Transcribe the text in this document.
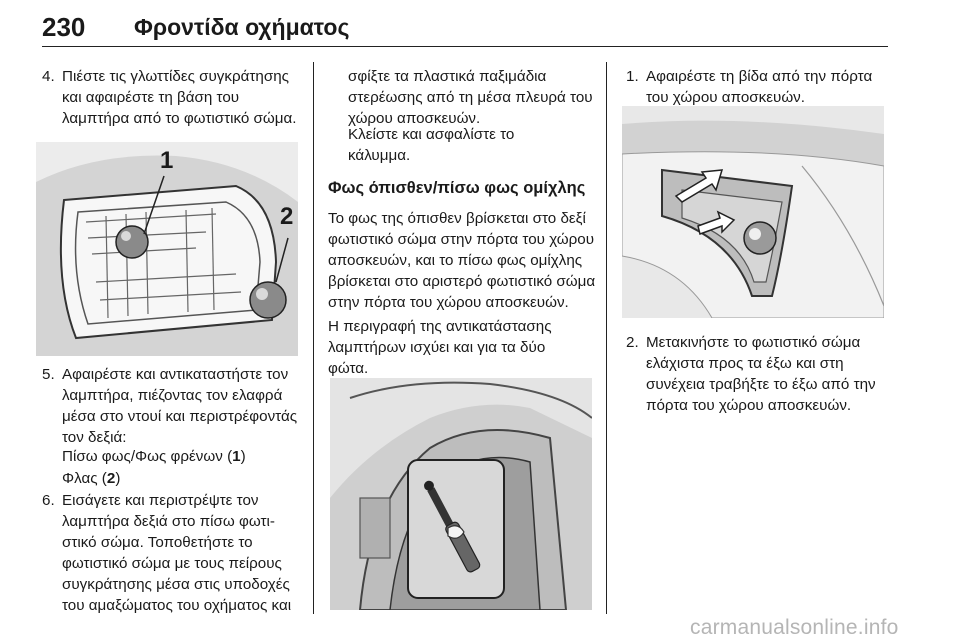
230 Φροντίδα οχήματος
4. Πιέστε τις γλωττίδες συγκράτησης και αφαιρέστε τη βάση του λαμπτήρα από το φωτιστικό σώμα.
1
2
5. Αφαιρέστε και αντικαταστήστε τον λαμπτήρα, πιέζοντας τον ελαφρά μέσα στο ντουί και περιστρέφοντάς τον δεξιά:
Πίσω φως/Φως φρένων (1)
Φλας (2)
6. Εισάγετε και περιστρέψτε τον λαμπτήρα δεξιά στο πίσω φωτιστικό σώμα. Τοποθετήστε το φωτιστικό σώμα με τους πείρους συγκράτησης μέσα στις υποδοχές του αμαξώματος του οχήματος και
σφίξτε τα πλαστικά παξιμάδια στερέωσης από τη μέσα πλευρά του χώρου αποσκευών.
Κλείστε και ασφαλίστε το κάλυμμα.
Φως όπισθεν/πίσω φως ομίχλης
Το φως της όπισθεν βρίσκεται στο δεξί φωτιστικό σώμα στην πόρτα του χώρου αποσκευών, και το πίσω φως ομίχλης βρίσκεται στο αριστερό φωτιστικό σώμα στην πόρτα του χώρου αποσκευών.
Η περιγραφή της αντικατάστασης λαμπτήρων ισχύει και για τα δύο φώτα.
1. Αφαιρέστε τη βίδα από την πόρτα του χώρου αποσκευών.
2. Μετακινήστε το φωτιστικό σώμα ελάχιστα προς τα έξω και στη συνέχεια τραβήξτε το έξω από την πόρτα του χώρου αποσκευών.
carmanualsonline.info
